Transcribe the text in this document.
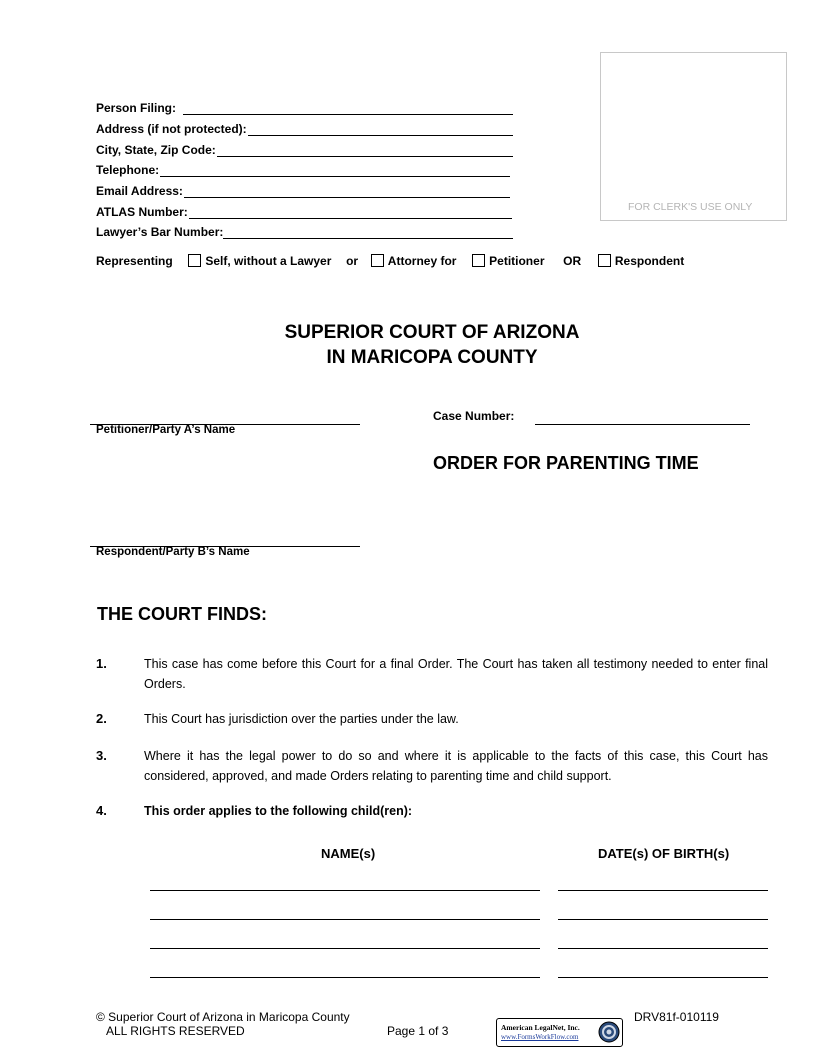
Person Filing:
Address (if not protected):
City, State, Zip Code:
Telephone:
Email Address:
ATLAS Number:
Lawyer’s Bar Number:
FOR CLERK'S USE ONLY
Representing	Self, without a Lawyer or Attorney for	Petitioner OR	Respondent
SUPERIOR COURT OF ARIZONA
IN MARICOPA COUNTY
Petitioner/Party A’s Name
Case Number:
ORDER FOR PARENTING TIME
Respondent/Party B’s Name
THE COURT FINDS:
1.	This case has come before this Court for a final Order. The Court has taken all testimony needed to enter final Orders.
2.	This Court has jurisdiction over the parties under the law.
3.	Where it has the legal power to do so and where it is applicable to the facts of this case, this Court has considered, approved, and made Orders relating to parenting time and child support.
4.	This order applies to the following child(ren):
NAME(s)	DATE(s) OF BIRTH(s)
© Superior Court of Arizona in Maricopa County
ALL RIGHTS RESERVED	Page 1 of 3
DRV81f-010119
American LegalNet, Inc.
www.FormsWorkFlow.com
